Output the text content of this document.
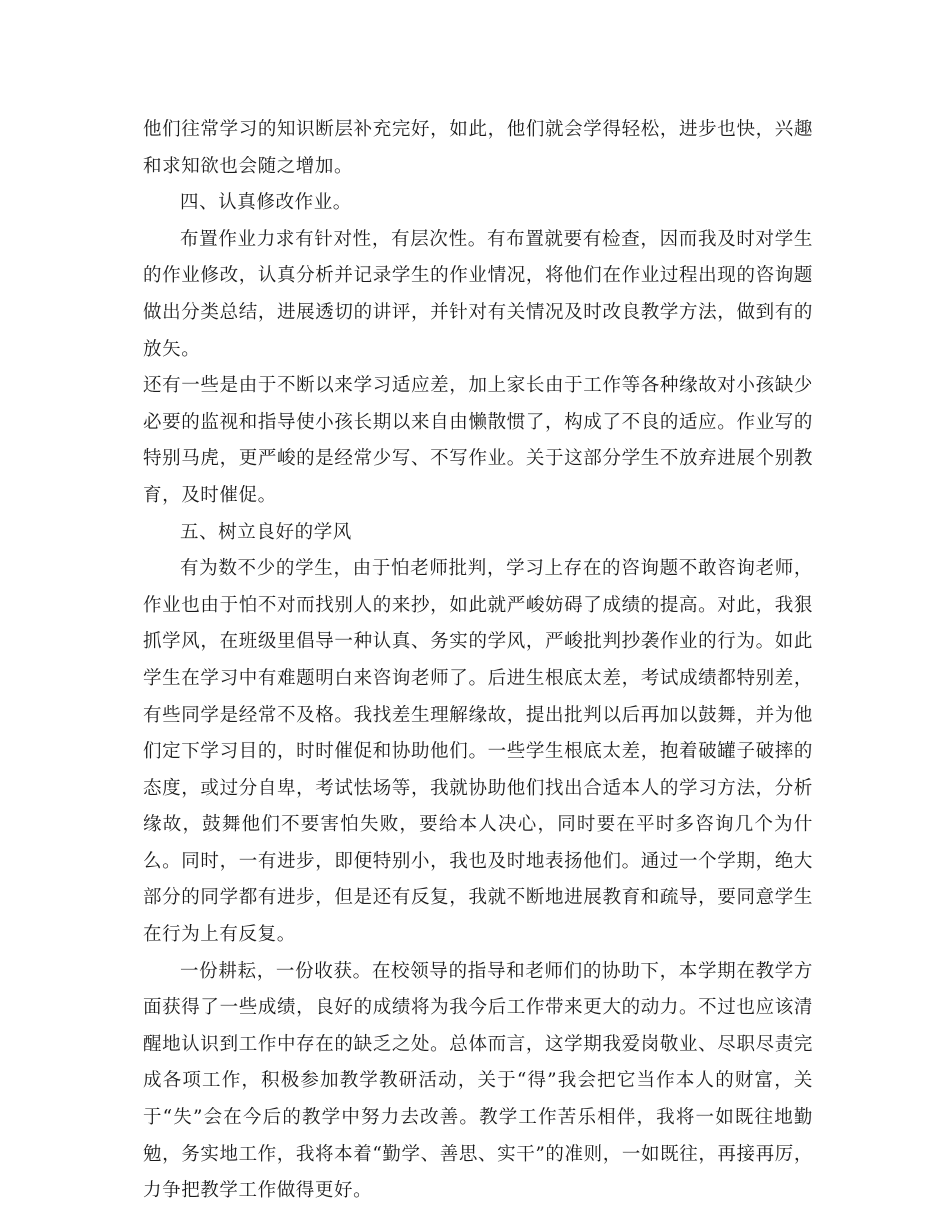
他们往常学习的知识断层补充完好，如此，他们就会学得轻松，进步也快，兴趣和求知欲也会随之增加。

四、认真修改作业。

布置作业力求有针对性，有层次性。有布置就要有检查，因而我及时对学生的作业修改，认真分析并记录学生的作业情况，将他们在作业过程出现的咨询题做出分类总结，进展透切的讲评，并针对有关情况及时改良教学方法，做到有的放矢。

还有一些是由于不断以来学习适应差，加上家长由于工作等各种缘故对小孩缺少必要的监视和指导使小孩长期以来自由懒散惯了，构成了不良的适应。作业写的特别马虎，更严峻的是经常少写、不写作业。关于这部分学生不放弃进展个别教育，及时催促。

五、树立良好的学风

有为数不少的学生，由于怕老师批判，学习上存在的咨询题不敢咨询老师，作业也由于怕不对而找别人的来抄，如此就严峻妨碍了成绩的提高。对此，我狠抓学风，在班级里倡导一种认真、务实的学风，严峻批判抄袭作业的行为。如此学生在学习中有难题明白来咨询老师了。后进生根底太差，考试成绩都特别差，有些同学是经常不及格。我找差生理解缘故，提出批判以后再加以鼓舞，并为他们定下学习目的，时时催促和协助他们。一些学生根底太差，抱着破罐子破摔的态度，或过分自卑，考试怯场等，我就协助他们找出合适本人的学习方法，分析缘故，鼓舞他们不要害怕失败，要给本人决心，同时要在平时多咨询几个为什么。同时，一有进步，即便特别小，我也及时地表扬他们。通过一个学期，绝大部分的同学都有进步，但是还有反复，我就不断地进展教育和疏导，要同意学生在行为上有反复。

一份耕耘，一份收获。在校领导的指导和老师们的协助下，本学期在教学方面获得了一些成绩，良好的成绩将为我今后工作带来更大的动力。不过也应该清醒地认识到工作中存在的缺乏之处。总体而言，这学期我爱岗敬业、尽职尽责完成各项工作，积极参加教学教研活动，关于“得”我会把它当作本人的财富，关于“失”会在今后的教学中努力去改善。教学工作苦乐相伴，我将一如既往地勤勉，务实地工作，我将本着“勤学、善思、实干”的准则，一如既往，再接再厉，力争把教学工作做得更好。
